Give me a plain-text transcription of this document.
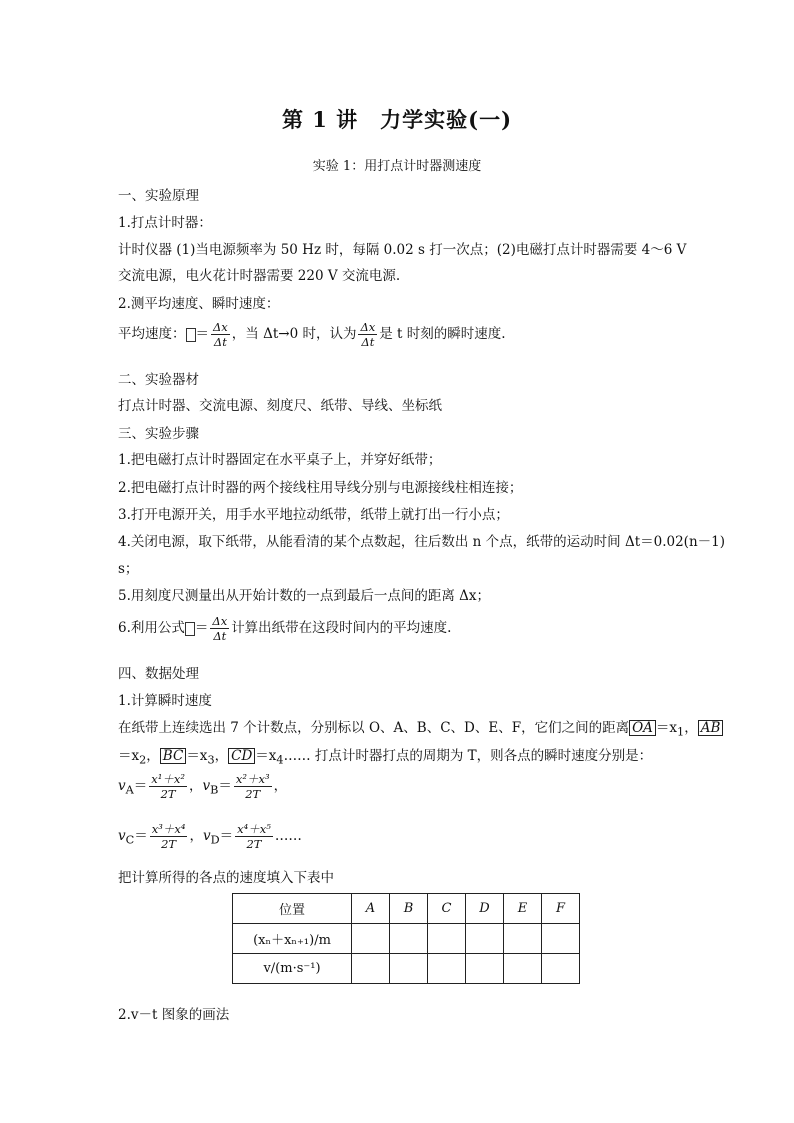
第 1 讲　力学实验(一)
实验 1：用打点计时器测速度
一、实验原理
1.打点计时器：
计时仪器 (1)当电源频率为 50 Hz 时，每隔 0.02 s 打一次点；(2)电磁打点计时器需要 4～6 V
交流电源，电火花计时器需要 220 V 交流电源.
2.测平均速度、瞬时速度：
平均速度： ＝ $\frac{\Delta x}{\Delta t}$ ，当 Δt→0 时，认为 $\frac{\Delta x}{\Delta t}$ 是 t 时刻的瞬时速度.
二、实验器材
打点计时器、交流电源、刻度尺、纸带、导线、坐标纸
三、实验步骤
1.把电磁打点计时器固定在水平桌子上，并穿好纸带；
2.把电磁打点计时器的两个接线柱用导线分别与电源接线柱相连接；
3.打开电源开关，用手水平地拉动纸带，纸带上就打出一行小点；
4.关闭电源，取下纸带，从能看清的某个点数起，往后数出 n 个点，纸带的运动时间 Δt＝0.02(n－1)
s；
5.用刻度尺测量出从开始计数的一点到最后一点间的距离 Δx；
6.利用公式 ＝ $\frac{\Delta x}{\Delta t}$ 计算出纸带在这段时间内的平均速度.
四、数据处理
1.计算瞬时速度
在纸带上连续选出 7 个计数点，分别标以 O、A、B、C、D、E、F，它们之间的距离 OA $=x_1$， AB
$=x_2$， BC $=x_3$， CD $=x_4\dots\dots$ 打点计时器打点的周期为 T，则各点的瞬时速度分别是：
$v_A= \frac{\text{x¹＋x²}}{2T}$ ，$v_B= \frac{\text{x²＋x³}}{2T}$ ，
$v_C= \frac{\text{x³＋x⁴}}{2T}$ ，$v_D= \frac{\text{x⁴＋x⁵}}{2T}$ ……
把计算所得的各点的速度填入下表中
位置	A	B	C	D	E	F
(xₙ＋xₙ₊₁)/m						
v/(m·s⁻¹)						
2.v－t 图象的画法
